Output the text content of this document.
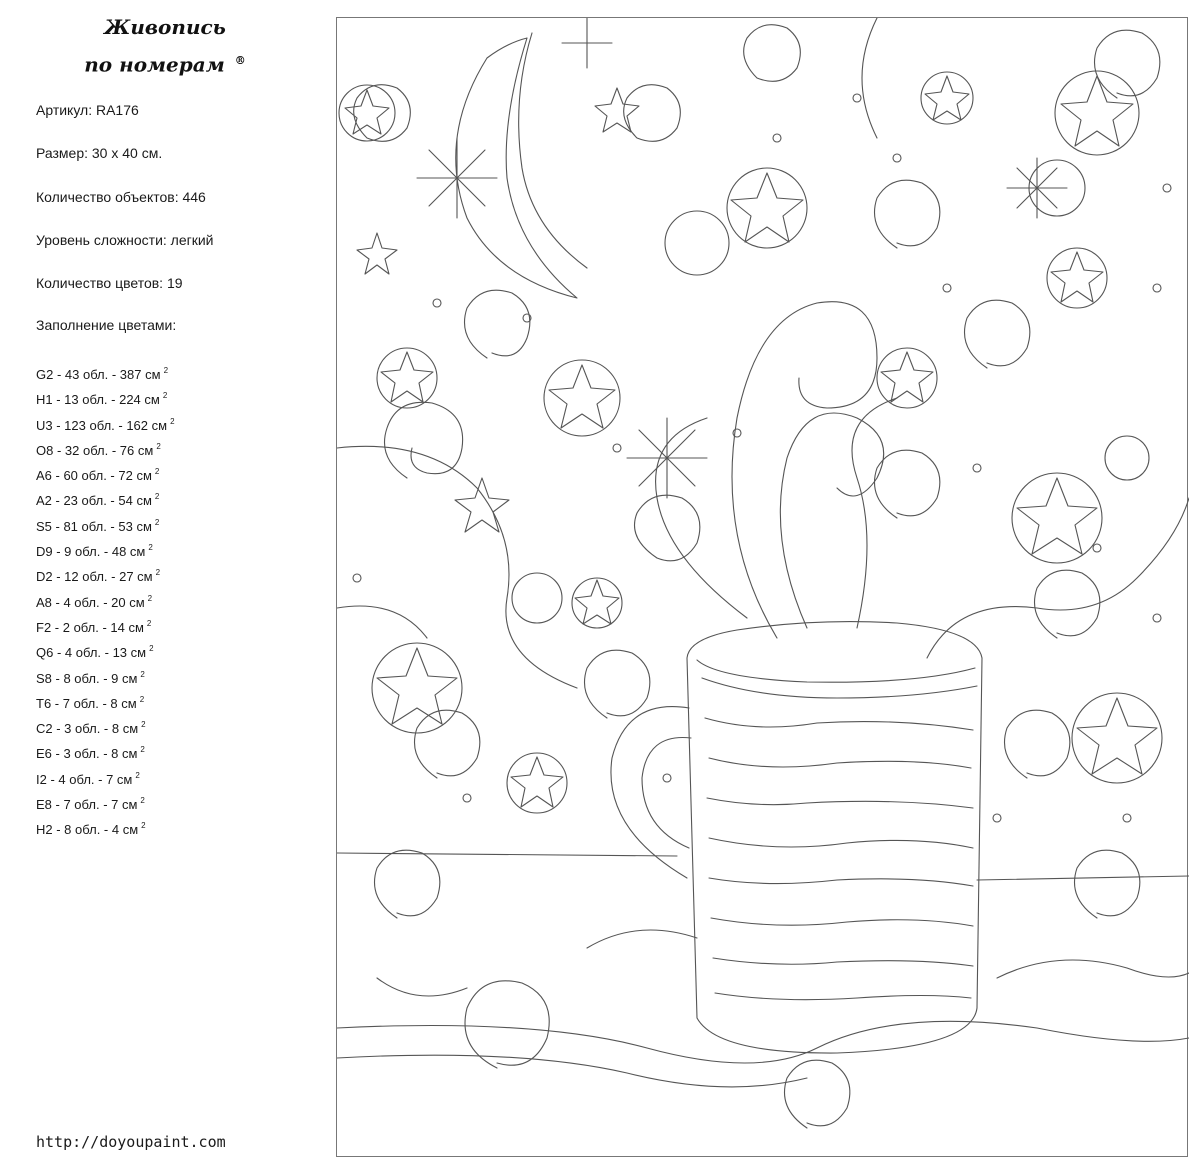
Живопись
по номерам ®
Артикул: RA176
Размер: 30 x 40 см.
Количество объектов: 446
Уровень сложности: легкий
Количество цветов: 19
Заполнение цветами:
G2 - 43 обл. - 387 см $^2$
H1 - 13 обл. - 224 см $^2$
U3 - 123 обл. - 162 см $^2$
O8 - 32 обл. - 76 см $^2$
A6 - 60 обл. - 72 см $^2$
A2 - 23 обл. - 54 см $^2$
S5 - 81 обл. - 53 см $^2$
D9 - 9 обл. - 48 см $^2$
D2 - 12 обл. - 27 см $^2$
A8 - 4 обл. - 20 см $^2$
F2 - 2 обл. - 14 см $^2$
Q6 - 4 обл. - 13 см $^2$
S8 - 8 обл. - 9 см $^2$
T6 - 7 обл. - 8 см $^2$
C2 - 3 обл. - 8 см $^2$
E6 - 3 обл. - 8 см $^2$
I2 - 4 обл. - 7 см $^2$
E8 - 7 обл. - 7 см $^2$
H2 - 8 обл. - 4 см $^2$
http://doyoupaint.com
